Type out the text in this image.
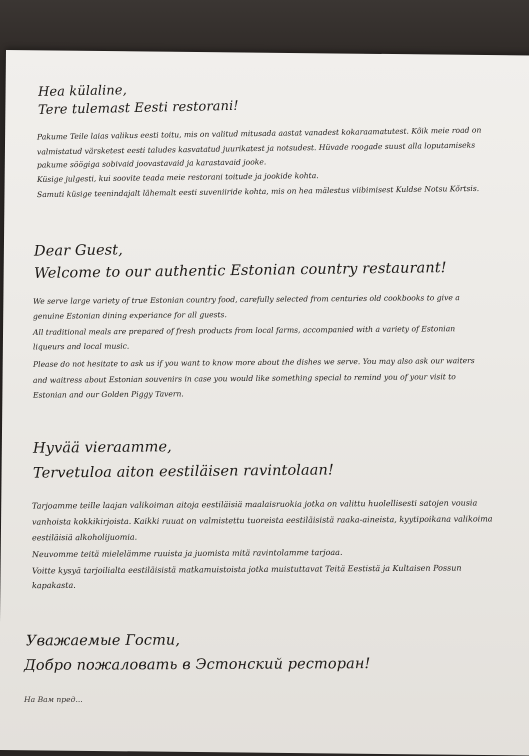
Hea külaline,
Tere tulemast Eesti restorani!
Pakume Teile laias valikus eesti toitu, mis on valitud mitusada aastat vanadest kokaraamatutest. Kõik meie road on
valmistatud värsketest eesti taludes kasvatatud juurikatest ja notsudest. Hüvade roogade suust alla loputamiseks
pakume söögiga sobivaid joovastavaid ja karastavaid jooke.
Küsige julgesti, kui soovite teada meie restorani toitude ja jookide kohta.
Samuti küsige teenindajalt lähemalt eesti suveniiride kohta, mis on hea mälestus viibimisest Kuldse Notsu Kõrtsis.
Dear Guest,
Welcome to our authentic Estonian country restaurant!
We serve large variety of true Estonian country food, carefully selected from centuries old cookbooks to give a
genuine Estonian dining experiance for all guests.
All traditional meals are prepared of fresh products from local farms, accompanied with a variety of Estonian
liqueurs and local music.
Please do not hesitate to ask us if you want to know more about the dishes we serve. You may also ask our waiters
and waitress about Estonian souvenirs in case you would like something special to remind you of your visit to
Estonian and our Golden Piggy Tavern.
Hyvää vieraamme,
Tervetuloa aiton eestiläisen ravintolaan!
Tarjoamme teille laajan valikoiman aitoja eestiläisiä maalaisruokia jotka on valittu huolellisesti satojen vousia
vanhoista kokkikirjoista. Kaikki ruuat on valmistettu tuoreista eestiläisistä raaka-aineista, kyytipoikana valikoima
eestiläisiä alkoholijuomia.
Neuvomme teitä mielelämme ruuista ja juomista mitä ravintolamme tarjoaa.
Voitte kysyä tarjoilialta eestiläisistä matkamuistoista jotka muistuttavat Teitä Eestistä ja Kultaisen Possun
kapakasta.
Уважаемые Гости,
Добро пожаловать в Эстонский ресторан!
На Вам пред...
